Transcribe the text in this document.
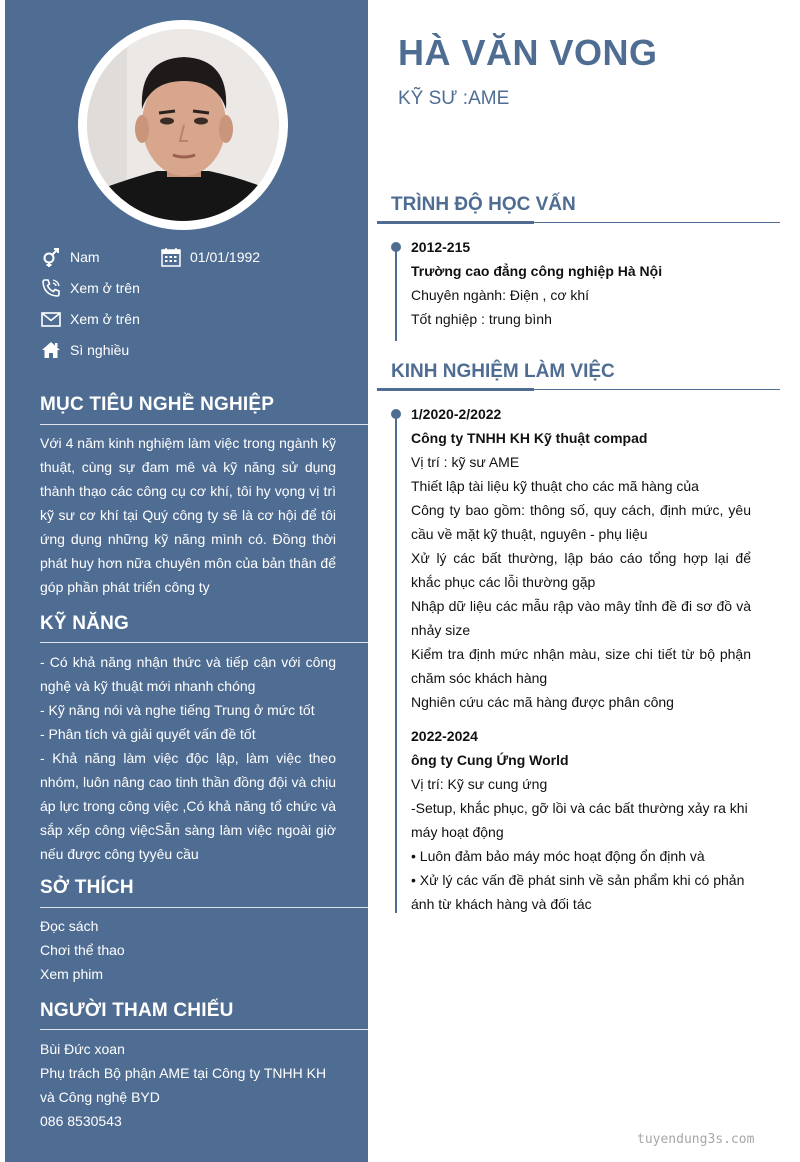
Nam	01/01/1992
Xem ở trên
Xem ở trên
Sì nghiều
MỤC TIÊU NGHỀ NGHIỆP
Với 4 năm kinh nghiệm làm việc trong ngành kỹ thuật, cùng sự đam mê và kỹ năng sử dụng thành thạo các công cụ cơ khí, tôi hy vọng vị trì kỹ sư cơ khí tại Quý công ty sẽ là cơ hội để tôi ứng dụng những kỹ năng mình có. Đồng thời phát huy hơn nữa chuyên môn của bản thân để góp phần phát triển công ty
KỸ NĂNG
- Có khả năng nhận thức và tiếp cận với công nghệ và kỹ thuật mới nhanh chóng
- Kỹ năng nói và nghe tiếng Trung ở mức tốt
- Phân tích và giải quyết vấn đề tốt
- Khả năng làm việc độc lập, làm việc theo nhóm, luôn nâng cao tinh thần đồng đội và chịu áp lực trong công việc ,Có khả năng tổ chức và sắp xếp công việcSẵn sàng làm việc ngoài giờ nếu được công tyyêu cầu
SỞ THÍCH
Đọc sách
Chơi thể thao
Xem phim
NGƯỜI THAM CHIẾU
Bùi Đức xoan
Phụ trách Bộ phận AME tại Công ty TNHH KH và Công nghệ BYD
086 8530543
HÀ VĂN VONG
KỸ SƯ :AME
TRÌNH ĐỘ HỌC VẤN
2012-215
Trường cao đẳng công nghiệp Hà Nội
Chuyên ngành: Điện , cơ khí
Tốt nghiệp : trung bình
KINH NGHIỆM LÀM VIỆC
1/2020-2/2022
Công ty TNHH KH Kỹ thuật compad
Vị trí : kỹ sư AME
Thiết lập tài liệu kỹ thuật cho các mã hàng của
Công ty bao gồm: thông số, quy cách, định mức, yêu cầu về mặt kỹ thuật, nguyên - phụ liệu
Xử lý các bất thường, lập báo cáo tổng hợp lại để khắc phục các lỗi thường gặp
Nhập dữ liệu các mẫu rập vào mây tỉnh đề đi sơ đồ và nhảy size
Kiểm tra định mức nhận màu, size chi tiết từ bộ phận chăm sóc khách hàng
Nghiên cứu các mã hàng được phân công
2022-2024
ông ty Cung Ứng World
Vị trí: Kỹ sư cung ứng
-Setup, khắc phục, gỡ lồi và các bất thường xảy ra khi máy hoạt động
• Luôn đảm bảo máy móc hoạt động ổn định và
• Xử lý các vấn đề phát sinh về sản phẩm khi có phản ánh từ khách hàng và đối tác
tuyendung3s.com
